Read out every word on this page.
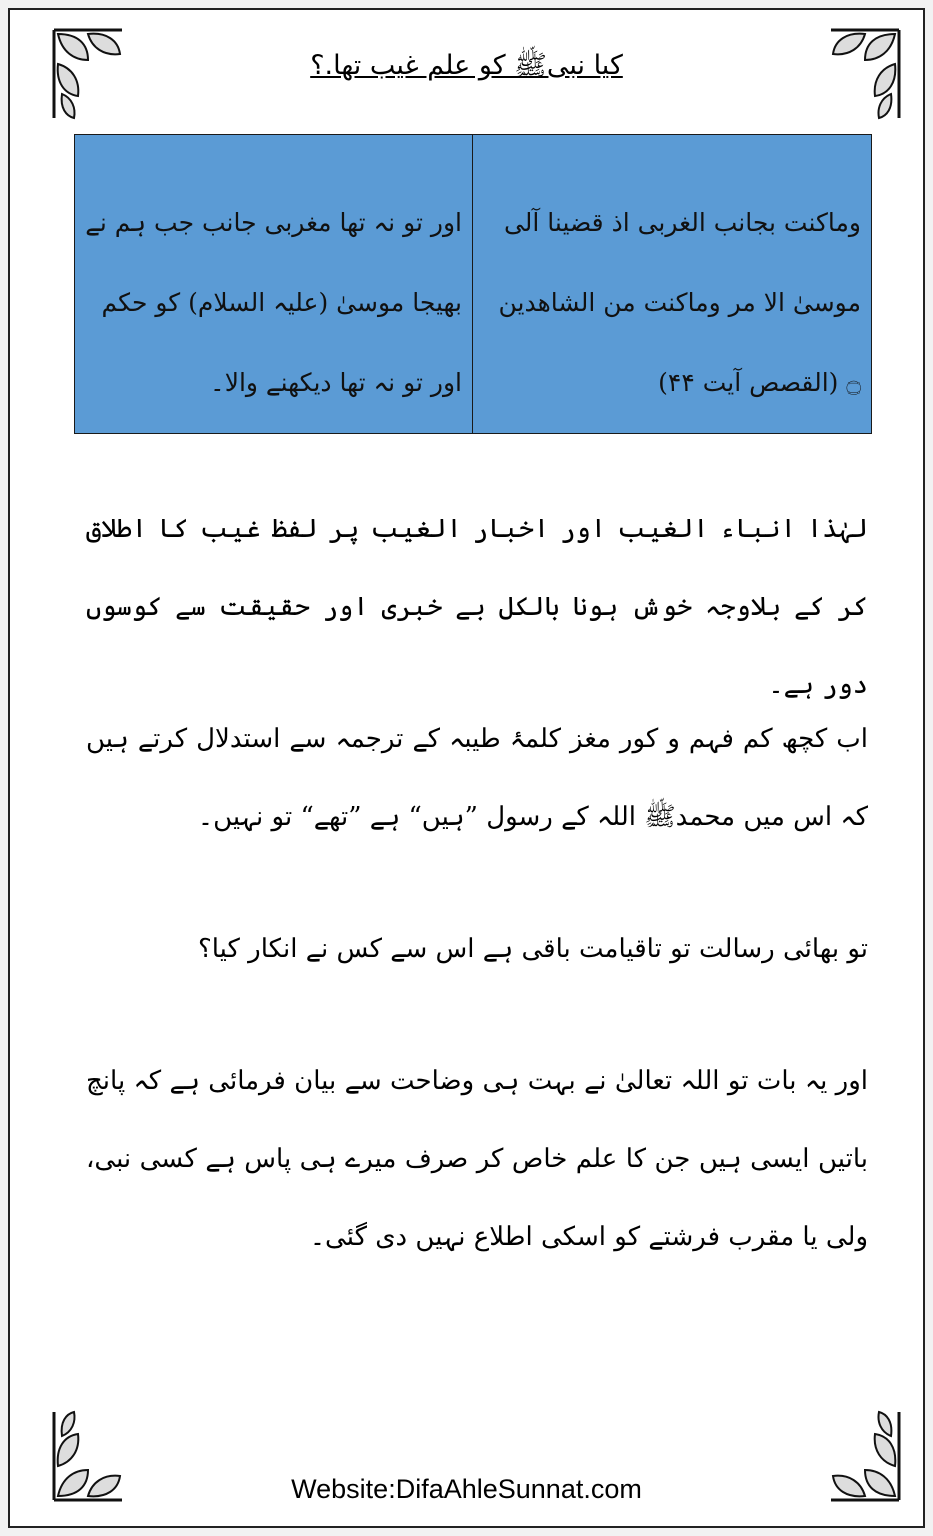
کیا نبیﷺ کو علم غیب تھا.؟
اور تو نہ تھا مغربی جانب جب ہم نے بھیجا موسیٰ (علیہ السلام) کو حکم اور تو نہ تھا دیکھنے والا۔
وماکنت بجانب الغربی اذ قضینا آلی موسیٰ الا مر وماکنت من الشاھدین ۝ (القصص آیت ۴۴)
لہٰذا انباء الغیب اور اخبار الغیب پر لفظ غیب کا اطلاق کر کے بلاوجہ خوش ہونا بالکل بے خبری اور حقیقت سے کوسوں دور ہے۔
اب کچھ کم فہم و کور مغز کلمۂ طیبہ کے ترجمہ سے استدلال کرتے ہیں کہ اس میں محمدﷺ اللہ کے رسول ”ہیں“ ہے ”تھے“ تو نہیں۔
تو بھائی رسالت تو تاقیامت باقی ہے اس سے کس نے انکار کیا؟
اور یہ بات تو اللہ تعالیٰ نے بہت ہی وضاحت سے بیان فرمائی ہے کہ پانچ باتیں ایسی ہیں جن کا علم خاص کر صرف میرے ہی پاس ہے کسی نبی، ولی یا مقرب فرشتے کو اسکی اطلاع نہیں دی گئی۔
Website:DifaAhleSunnat.com
